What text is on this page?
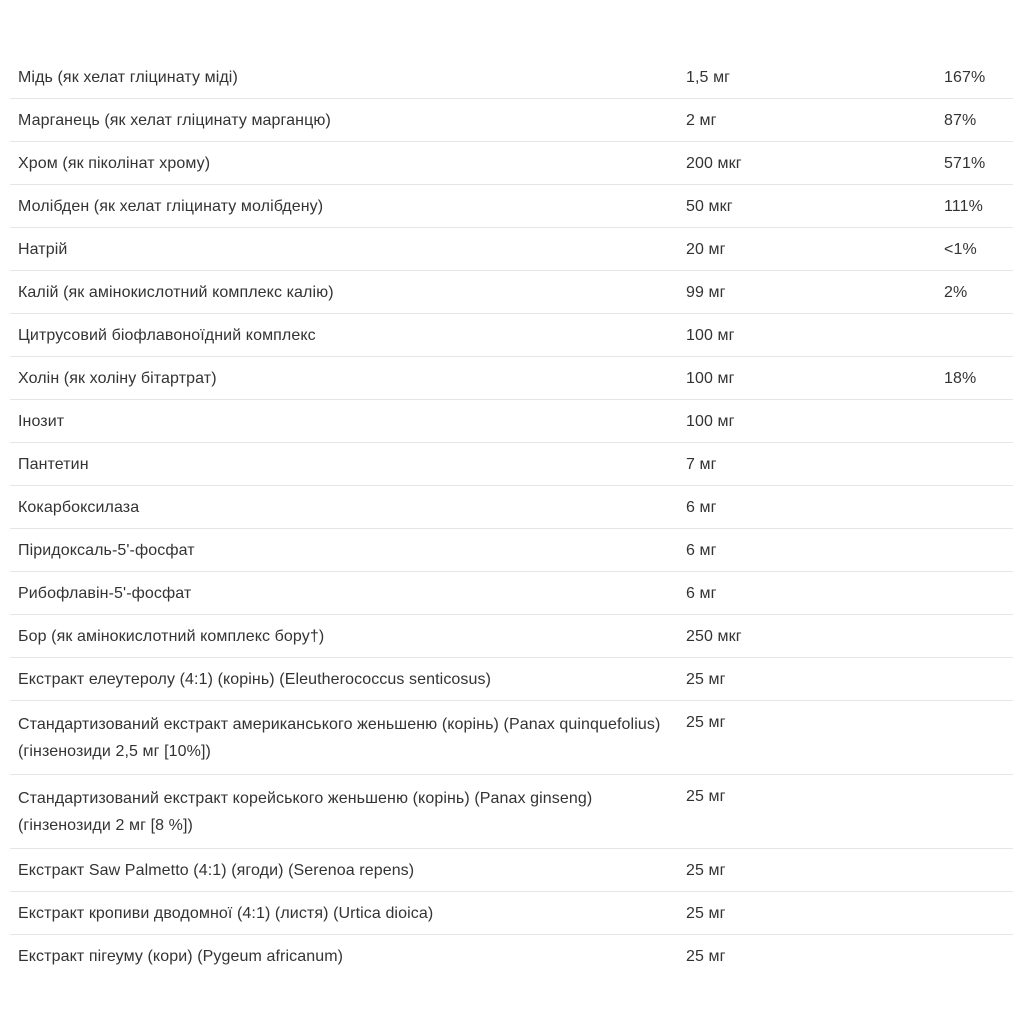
Мідь (як хелат гліцинату міді)	1,5 мг	167%
Марганець (як хелат гліцинату марганцю)	2 мг	87%
Хром (як піколінат хрому)	200 мкг	571%
Молібден (як хелат гліцинату молібдену)	50 мкг	111%
Натрій	20 мг	<1%
Калій (як амінокислотний комплекс калію)	99 мг	2%
Цитрусовий біофлавоноїдний комплекс	100 мг	
Холін (як холіну бітартрат)	100 мг	18%
Інозит	100 мг	
Пантетин	7 мг	
Кокарбоксилаза	6 мг	
Піридоксаль-5'-фосфат	6 мг	
Рибофлавін-5'-фосфат	6 мг	
Бор (як амінокислотний комплекс бору†)	250 мкг	
Екстракт елеутеролу (4:1) (корінь) (Eleutherococcus senticosus)	25 мг	
Стандартизований екстракт американського женьшеню (корінь) (Panax quinquefolius) (гінзенозиди 2,5 мг [10%])	25 мг	
Стандартизований екстракт корейського женьшеню (корінь) (Panax ginseng) (гінзенозиди 2 мг [8 %])	25 мг	
Екстракт Saw Palmetto (4:1) (ягоди) (Serenoa repens)	25 мг	
Екстракт кропиви дводомної (4:1) (листя) (Urtica dioica)	25 мг	
Екстракт пігеуму (кори) (Pygeum africanum)	25 мг	
